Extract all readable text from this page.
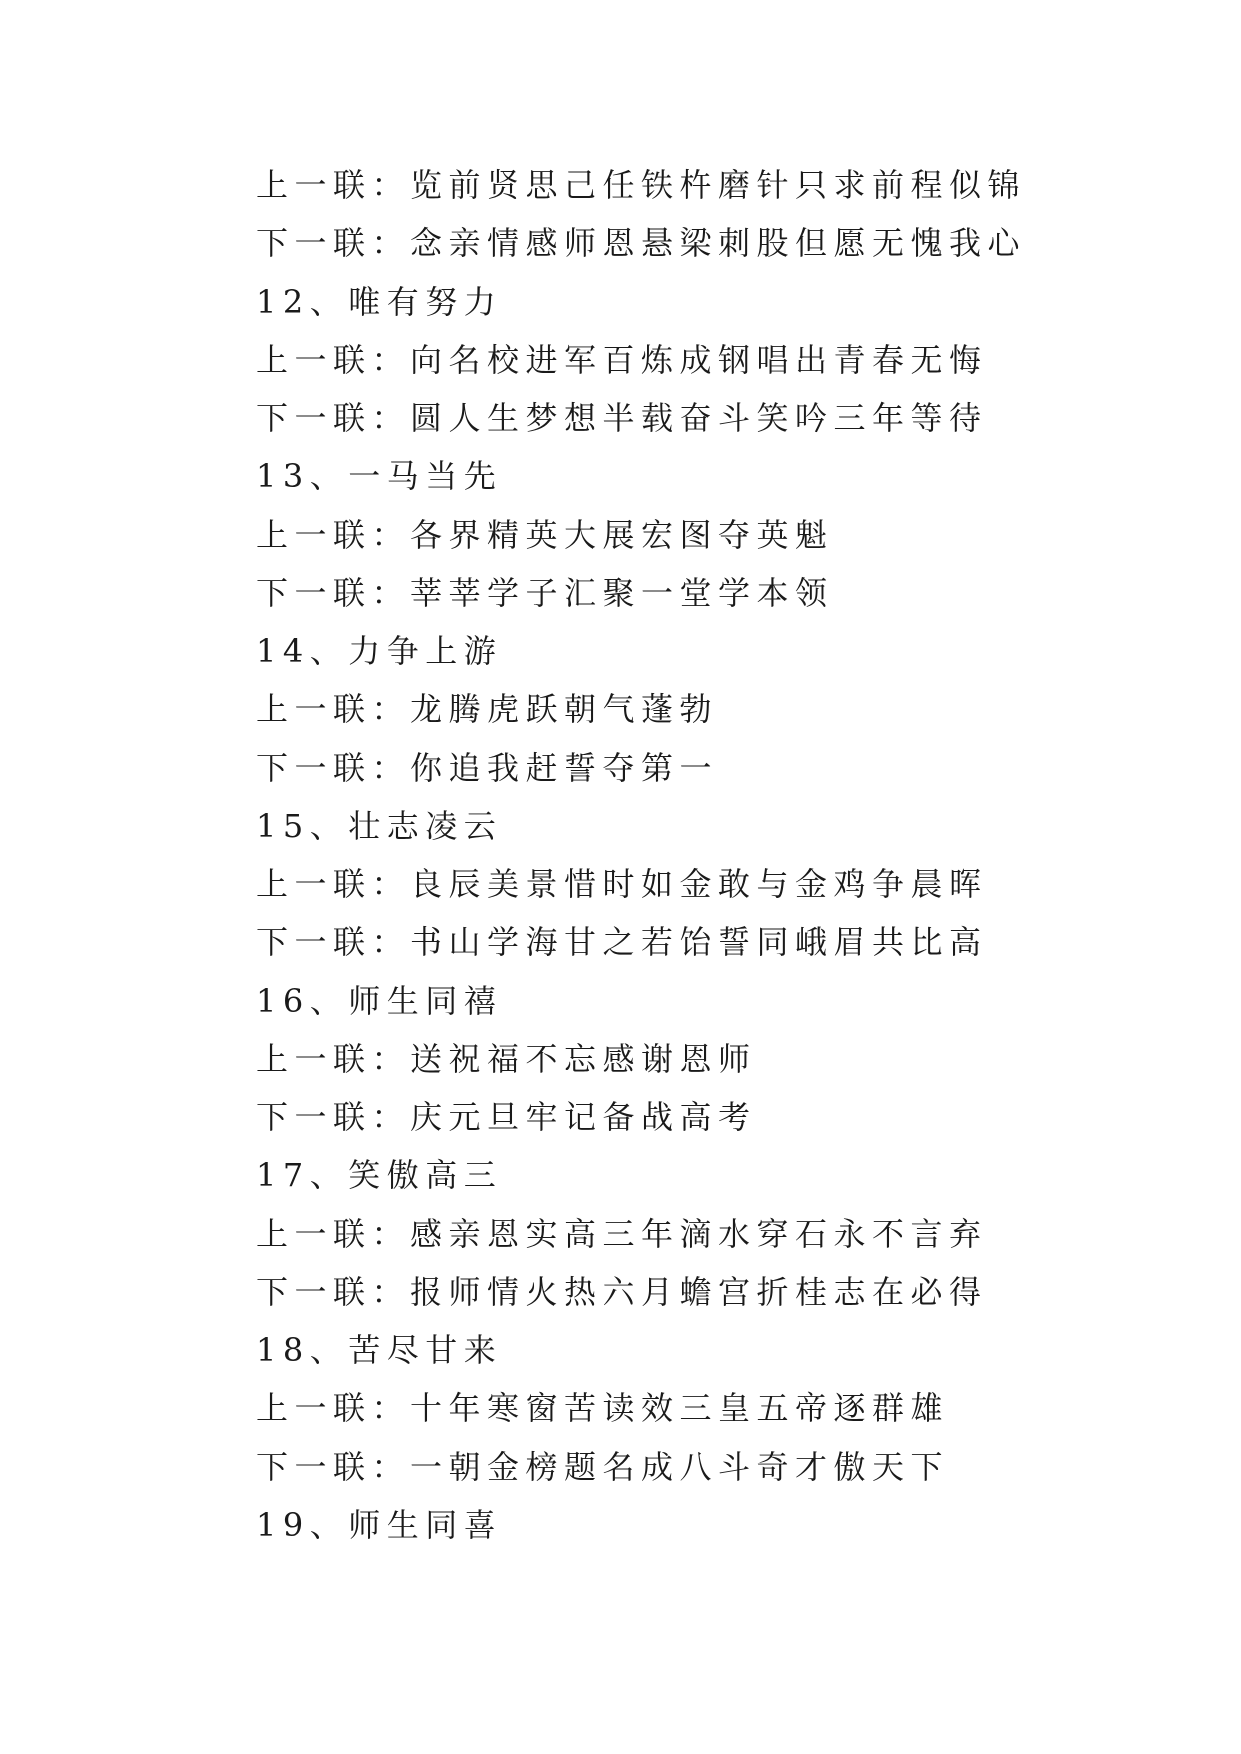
上一联：览前贤思己任铁杵磨针只求前程似锦
下一联：念亲情感师恩悬梁刺股但愿无愧我心
12、唯有努力
上一联：向名校进军百炼成钢唱出青春无悔
下一联：圆人生梦想半载奋斗笑吟三年等待
13、一马当先
上一联：各界精英大展宏图夺英魁
下一联：莘莘学子汇聚一堂学本领
14、力争上游
上一联：龙腾虎跃朝气蓬勃
下一联：你追我赶誓夺第一
15、壮志凌云
上一联：良辰美景惜时如金敢与金鸡争晨晖
下一联：书山学海甘之若饴誓同峨眉共比高
16、师生同禧
上一联：送祝福不忘感谢恩师
下一联：庆元旦牢记备战高考
17、笑傲高三
上一联：感亲恩实高三年滴水穿石永不言弃
下一联：报师情火热六月蟾宫折桂志在必得
18、苦尽甘来
上一联：十年寒窗苦读效三皇五帝逐群雄
下一联：一朝金榜题名成八斗奇才傲天下
19、师生同喜
